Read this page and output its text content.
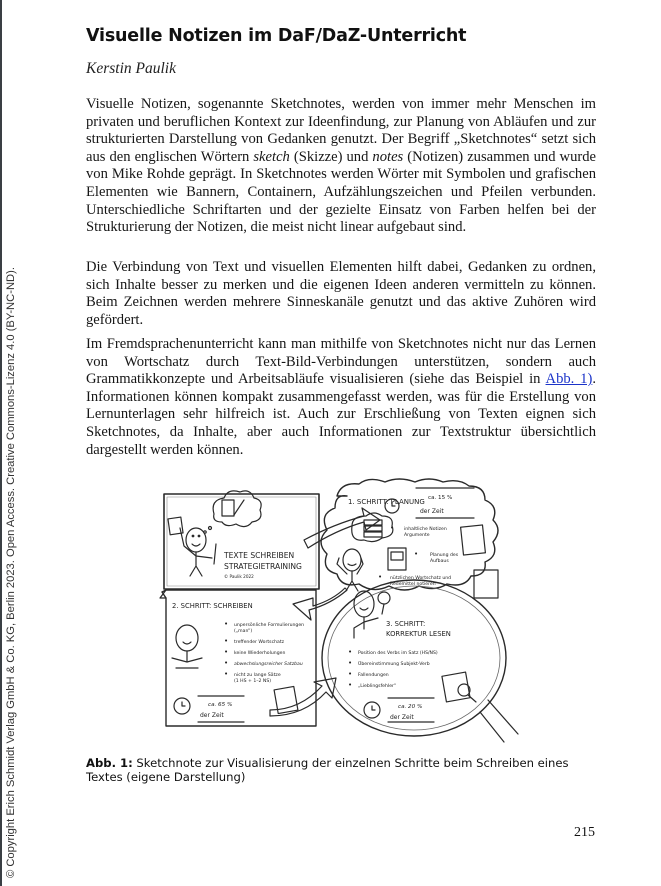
© Copyright Erich Schmidt Verlag GmbH & Co. KG, Berlin 2023. Open Access. Creative Commons-Lizenz 4.0 (BY-NC-ND).
Visuelle Notizen im DaF/DaZ-Unterricht
Kerstin Paulik

Visuelle Notizen, sogenannte Sketchnotes, werden von immer mehr Menschen im privaten und beruflichen Kontext zur Ideenfindung, zur Planung von Abläufen und zur strukturierten Darstellung von Gedanken genutzt. Der Begriff „Sketchnotes“ setzt sich aus den englischen Wörtern sketch (Skizze) und notes (Notizen) zusammen und wurde von Mike Rohde geprägt. In Sketchnotes werden Wörter mit Symbolen und grafischen Elementen wie Bannern, Containern, Aufzählungszeichen und Pfeilen verbunden. Unterschiedliche Schriftarten und der gezielte Einsatz von Farben helfen bei der Strukturierung der Notizen, die meist nicht linear aufgebaut sind.

Die Verbindung von Text und visuellen Elementen hilft dabei, Gedanken zu ordnen, sich Inhalte besser zu merken und die eigenen Ideen anderen vermitteln zu können. Beim Zeichnen werden mehrere Sinneskanäle genutzt und das aktive Zuhören wird gefördert.

Im Fremdsprachenunterricht kann man mithilfe von Sketchnotes nicht nur das Lernen von Wortschatz durch Text-Bild-Verbindungen unterstützen, sondern auch Grammatikkonzepte und Arbeitsabläufe visualisieren (siehe das Beispiel in Abb. 1). Informationen können kompakt zusammengefasst werden, was für die Erstellung von Lernunterlagen sehr hilfreich ist. Auch zur Erschließung von Texten eignen sich Sketchnotes, da Inhalte, aber auch Informationen zur Textstruktur übersichtlich dargestellt werden können.

TEXTE SCHREIBEN
STRATEGIETRAINING
© Paulik 2022
1. SCHRITT: PLANUNG ca. 15 %
der Zeit
• inhaltliche Notizen
Argumente
•	Planung des
Aufbaus
• nützlichen Wortschatz und
Redemittel notieren
2. SCHRITT: SCHREIBEN
• unpersönliche Formulierungen
(„man“)
• treffender Wortschatz
• keine Wiederholungen
• abwechslungsreicher Satzbau
• nicht zu lange Sätze
(1 HS + 1–2 NS)
ca. 65 %
der Zeit
3. SCHRITT:
KORREKTUR LESEN
• Position des Verbs im Satz (HS/NS)
• Übereinstimmung Subjekt-Verb
• Fallendungen
• „Lieblingsfehler“
ca. 20 %
der Zeit
Abb. 1: Sketchnote zur Visualisierung der einzelnen Schritte beim Schreiben eines Textes (eigene Darstellung)
215
